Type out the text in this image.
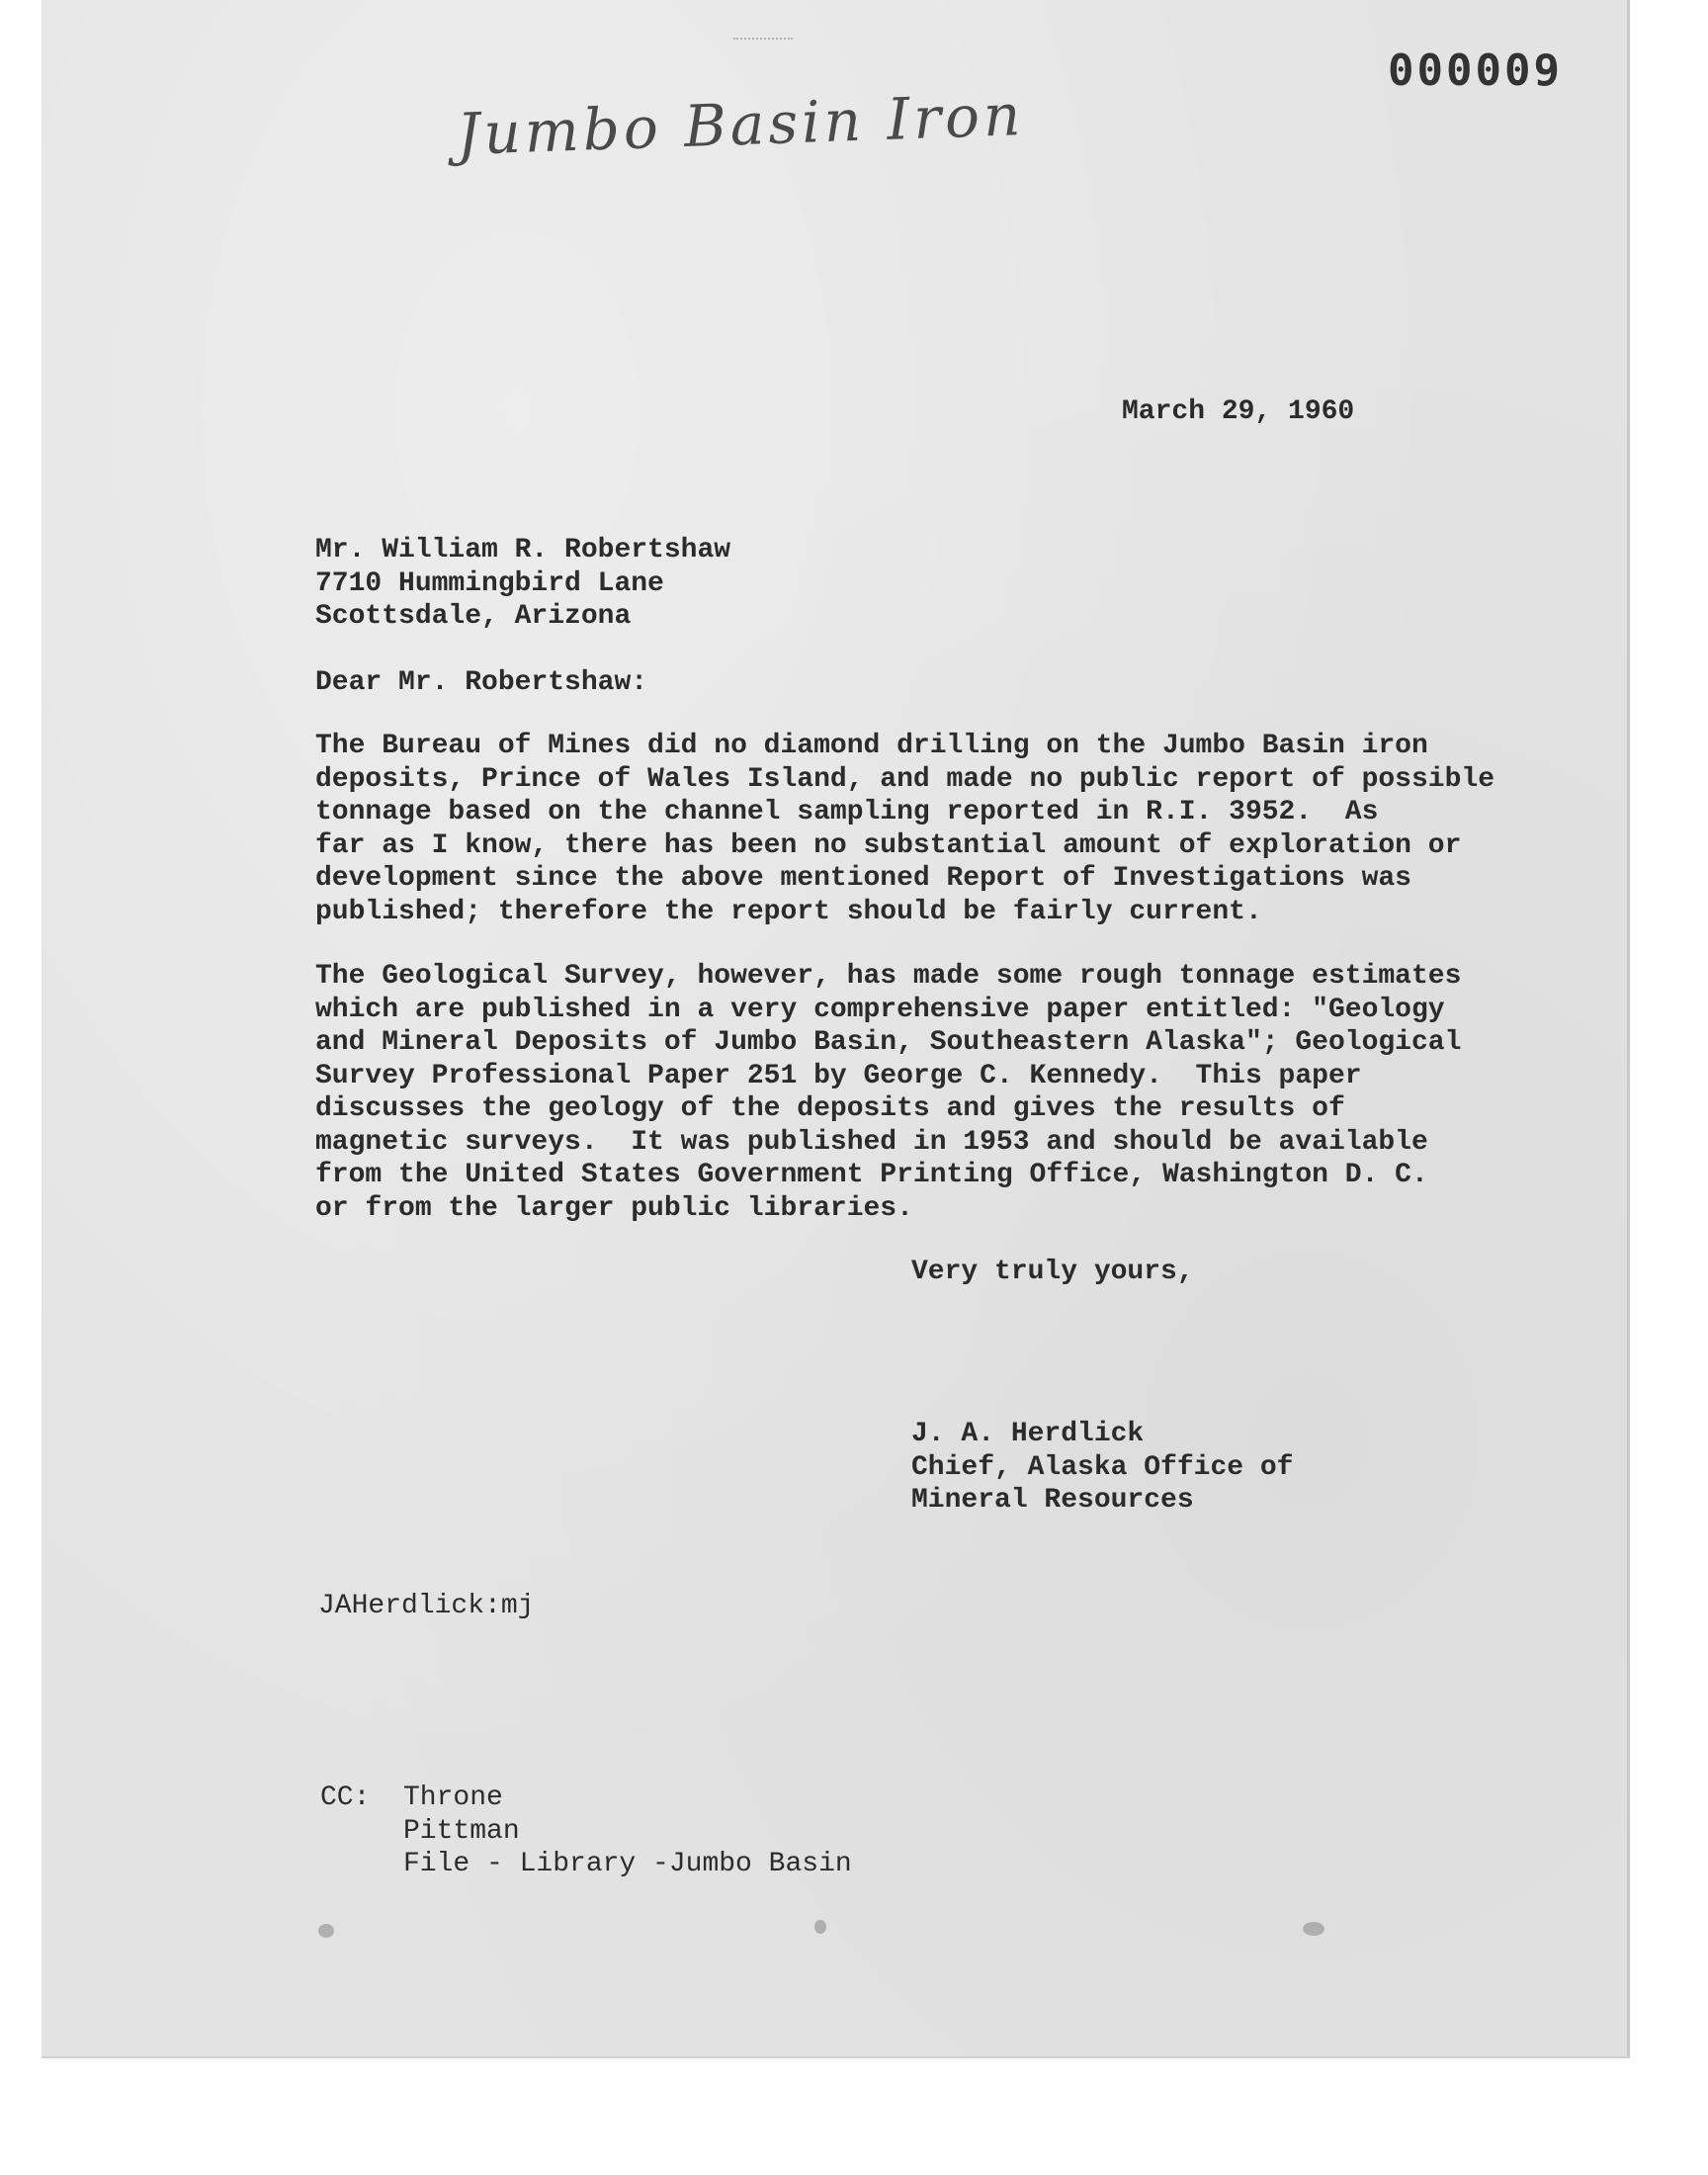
Jumbo Basin Iron
000009

March 29, 1960

Mr. William R. Robertshaw
7710 Hummingbird Lane
Scottsdale, Arizona

Dear Mr. Robertshaw:

The Bureau of Mines did no diamond drilling on the Jumbo Basin iron
deposits, Prince of Wales Island, and made no public report of possible
tonnage based on the channel sampling reported in R.I. 3952.  As
far as I know, there has been no substantial amount of exploration or
development since the above mentioned Report of Investigations was
published; therefore the report should be fairly current.
The Geological Survey, however, has made some rough tonnage estimates
which are published in a very comprehensive paper entitled: "Geology
and Mineral Deposits of Jumbo Basin, Southeastern Alaska"; Geological
Survey Professional Paper 251 by George C. Kennedy.  This paper
discusses the geology of the deposits and gives the results of
magnetic surveys.  It was published in 1953 and should be available
from the United States Government Printing Office, Washington D. C.
or from the larger public libraries.

Very truly yours,

J. A. Herdlick
Chief, Alaska Office of
Mineral Resources

JAHerdlick:mj

CC: Throne
Pittman
File - Library -Jumbo Basin
